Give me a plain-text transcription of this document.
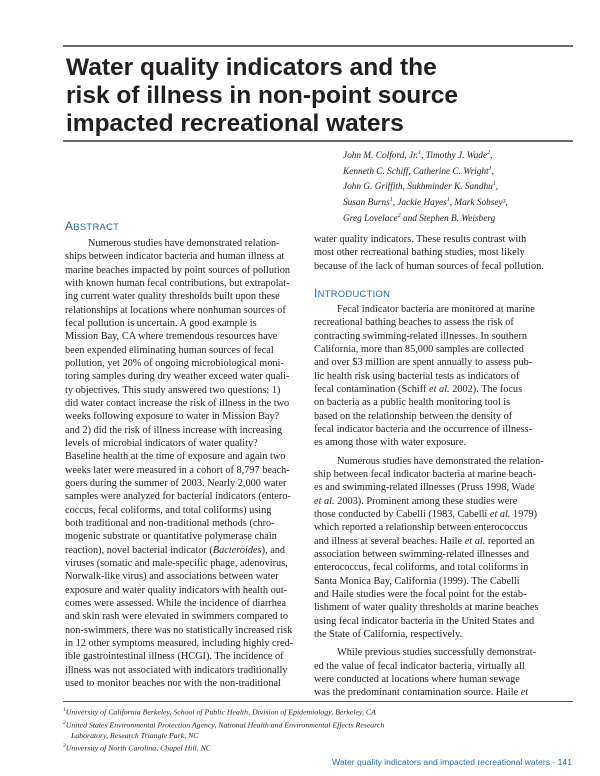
Water quality indicators and the
risk of illness in non-point source
impacted recreational waters
John M. Colford, Jr.$^1$, Timothy J. Wade$^2$,
Kenneth C. Schiff, Catherine C. Wright$^1$,
John G. Griffith, Sukhminder K. Sandhu$^1$,
Susan Burns$^1$, Jackie Hayes$^1$, Mark Sobsey³,
Greg Lovelace$^2$ and Stephen B. Weisberg
ABSTRACT
Numerous studies have demonstrated relation-
ships between indicator bacteria and human illness at
marine beaches impacted by point sources of pollution
with known human fecal contributions, but extrapolat-
ing current water quality thresholds built upon these
relationships at locations where nonhuman sources of
fecal pollution is uncertain. A good example is
Mission Bay, CA where tremendous resources have
been expended eliminating human sources of fecal
pollution, yet 20% of ongoing microbiological moni-
toring samples during dry weather exceed water quali-
ty objectives. This study answered two questions: 1)
did water contact increase the risk of illness in the two
weeks following exposure to water in Mission Bay?
and 2) did the risk of illness increase with increasing
levels of microbial indicators of water quality?
Baseline health at the time of exposure and again two
weeks later were measured in a cohort of 8,797 beach-
goers during the summer of 2003. Nearly 2,000 water
samples were analyzed for bacterial indicators (entero-
coccus, fecal coliforms, and total coliforms) using
both traditional and non-traditional methods (chro-
mogenic substrate or quantitative polymerase chain
reaction), novel bacterial indicator (Bacteroides), and
viruses (somatic and male-specific phage, adenovirus,
Norwalk-like virus) and associations between water
exposure and water quality indicators with health out-
comes were assessed. While the incidence of diarrhea
and skin rash were elevated in swimmers compared to
non-swimmers, there was no statistically increased risk
in 12 other symptoms measured, including highly cred-
ible gastrointestinal illness (HCGI). The incidence of
illness was not associated with indicators traditionally
used to monitor beaches nor with the non-traditional
water quality indicators. These results contrast with
most other recreational bathing studies, most likely
because of the lack of human sources of fecal pollution.
INTRODUCTION
Fecal indicator bacteria are monitored at marine
recreational bathing beaches to assess the risk of
contracting swimming-related illnesses. In southern
California, more than 85,000 samples are collected
and over $3 million are spent annually to assess pub-
lic health risk using bacterial tests as indicators of
fecal contamination (Schiff et al. 2002). The focus
on bacteria as a public health monitoring tool is
based on the relationship between the density of
fecal indicator bacteria and the occurrence of illness-
es among those with water exposure.
Numerous studies have demonstrated the relation-
ship between fecal indicator bacteria at marine beach-
es and swimming-related illnesses (Pruss 1998, Wade
et al. 2003). Prominent among these studies were
those conducted by Cabelli (1983, Cabelli et al. 1979)
which reported a relationship between enterococcus
and illness at several beaches. Haile et al. reported an
association between swimming-related illnesses and
enterococcus, fecal coliforms, and total coliforms in
Santa Monica Bay, California (1999). The Cabelli
and Haile studies were the focal point for the estab-
lishment of water quality thresholds at marine beaches
using fecal indicator bacteria in the United States and
the State of California, respectively.
While previous studies successfully demonstrat-
ed the value of fecal indicator bacteria, virtually all
were conducted at locations where human sewage
was the predominant contamination source. Haile et
$^1$University of California Berkeley, School of Public Health, Division of Epidemiology, Berkeley, CA
$^2$United States Environmental Protection Agency, National Health and Environmental Effects Research
Laboratory, Research Triangle Park, NC
$^3$University of North Carolina, Chapel Hill, NC
Water quality indicators and impacted recreational waters - 141
